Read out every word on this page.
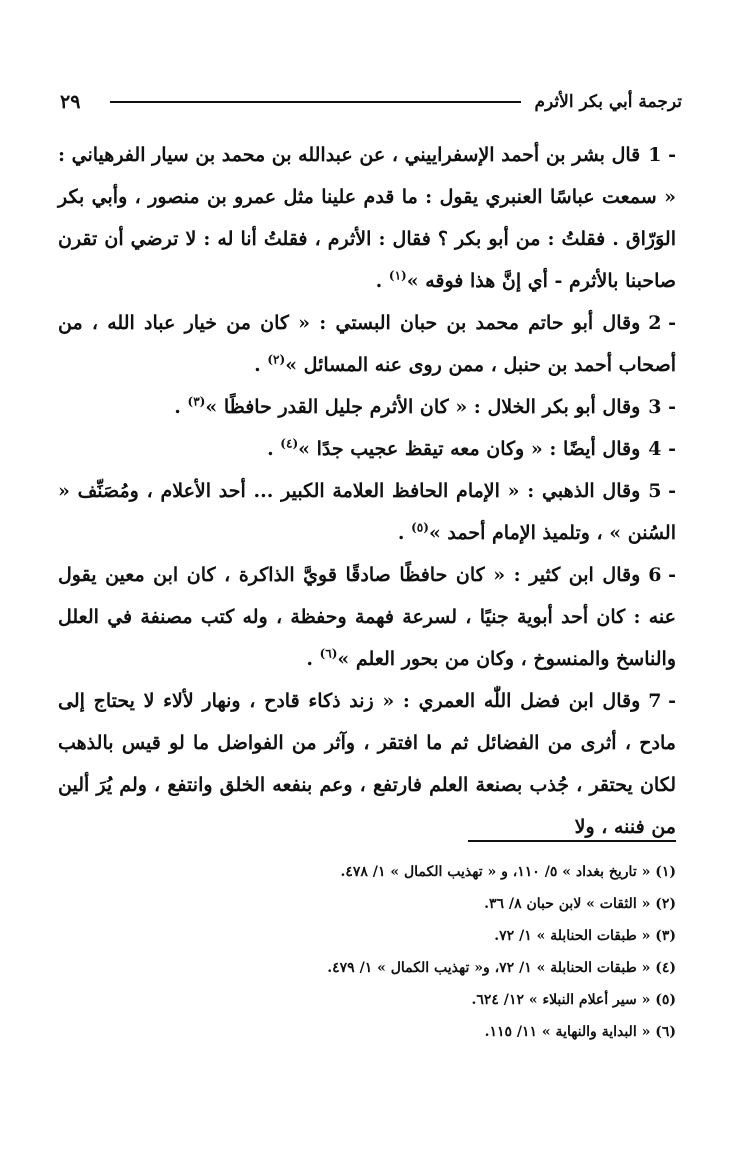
ترجمة أبي بكر الأثرم
٢٩

1 -قال بشر بن أحمد الإسفراييني ، عن عبدالله بن محمد بن سيار الفرهياني : « سمعت عباسًا العنبري يقول : ما قدم علينا مثل عمرو بن منصور ، وأبي بكر الوَرّاق . فقلتُ : من أبو بكر ؟ فقال : الأثرم ، فقلتُ أنا له : لا ترضي أن تقرن صاحبنا بالأثرم - أي إنَّ هذا فوقه »$^{(١)}$ .

2 -وقال أبو حاتم محمد بن حبان البستي : « كان من خيار عباد الله ، من أصحاب أحمد بن حنبل ، ممن روى عنه المسائل »$^{(٢)}$ .

3 -وقال أبو بكر الخلال : « كان الأثرم جليل القدر حافظًا »$^{(٣)}$ .

4 -وقال أيضًا : « وكان معه تيقظ عجيب جدًا »$^{(٤)}$ .

5 -وقال الذهبي : « الإمام الحافظ العلامة الكبير ... أحد الأعلام ، ومُصَنِّف « السُنن » ، وتلميذ الإمام أحمد »$^{(٥)}$ .

6 -وقال ابن كثير : « كان حافظًا صادقًا قويَّ الذاكرة ، كان ابن معين يقول عنه : كان أحد أبوية جنيًا ، لسرعة فهمة وحفظة ، وله كتب مصنفة في العلل والناسخ والمنسوخ ، وكان من بحور العلم »$^{(٦)}$ .

7 -وقال ابن فضل اللّٰه العمري : « زند ذكاء قادح ، ونهار لألاء لا يحتاج إلى مادح ، أثرى من الفضائل ثم ما افتقر ، وآثر من الفواضل ما لو قيس بالذهب لكان يحتقر ، جُذب بصنعة العلم فارتفع ، وعم بنفعه الخلق وانتفع ، ولم يُرَ ألين من فننه ، ولا

(١) « تاريخ بغداد » ٥/ ١١٠، و « تهذيب الكمال » ١/ ٤٧٨.
(٢) « الثقات » لابن حبان ٨/ ٣٦.
(٣) « طبقات الحنابلة » ١/ ٧٢.
(٤) « طبقات الحنابلة » ١/ ٧٢، و« تهذيب الكمال » ١/ ٤٧٩.
(٥) « سير أعلام النبلاء » ١٢/ ٦٢٤.
(٦) « البداية والنهاية » ١١/ ١١٥.
